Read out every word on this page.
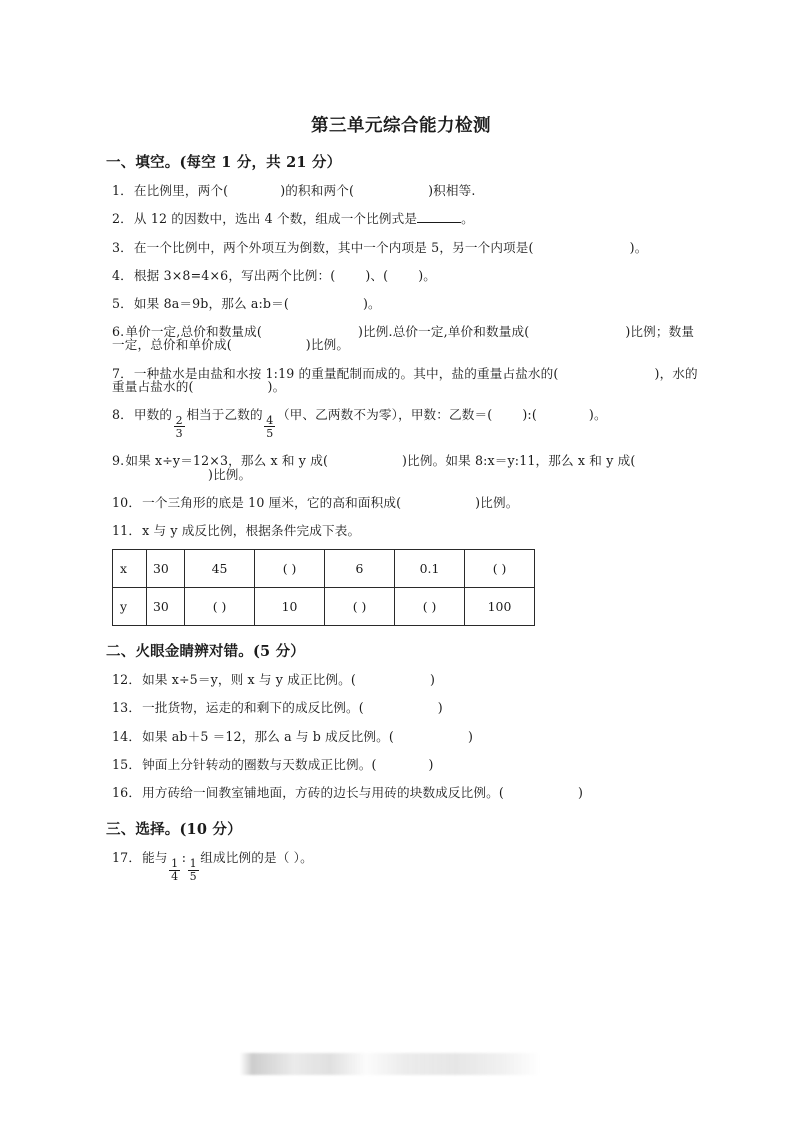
第三单元综合能力检测
一、填空。(每空 1 分，共 21 分）
1．在比例里，两个(	)的积和两个(	)积相等.
2．从 12 的因数中，选出 4 个数，组成一个比例式是	。
3．在一个比例中，两个外项互为倒数，其中一个内项是 5，另一个内项是(	)。
4．根据 3×8=4×6，写出两个比例：( )、( )。
5．如果 8a＝9b，那么 a:b＝(	)。
6.单价一定,总价和数量成(	)比例.总价一定,单价和数量成(	)比例；数量一定，总价和单价成(	)比例。
7．一种盐水是由盐和水按 1:19 的重量配制而成的。其中，盐的重量占盐水的(	)，水的重量占盐水的(	)。
8．甲数的
$\frac{2}{3}$
相当于乙数的
$\frac{4}{5}$
（甲、乙两数不为零），甲数：乙数＝( ):(	)。
9.如果 x÷y＝12×3，那么 x 和 y 成(	)比例。如果 8:x＝y:11，那么 x 和 y 成()比例。
10．一个三角形的底是 10 厘米，它的高和面积成(	)比例。
11．x 与 y 成反比例，根据条件完成下表。
x	30	45	( )	6	0.1	( )
y	30	( )	10	( )	( )	100
二、火眼金睛辨对错。(5 分）
12．如果 x÷5＝y，则 x 与 y 成正比例。(	)
13．一批货物，运走的和剩下的成反比例。(	)
14．如果 ab＋5 ＝12，那么 a 与 b 成反比例。(	)
15．钟面上分针转动的圈数与天数成正比例。(	)
16．用方砖给一间教室铺地面，方砖的边长与用砖的块数成反比例。(	)
三、选择。(10 分）
17．能与
$\frac{1}{4}$
:
$\frac{1}{5}$
组成比例的是（ ）。
